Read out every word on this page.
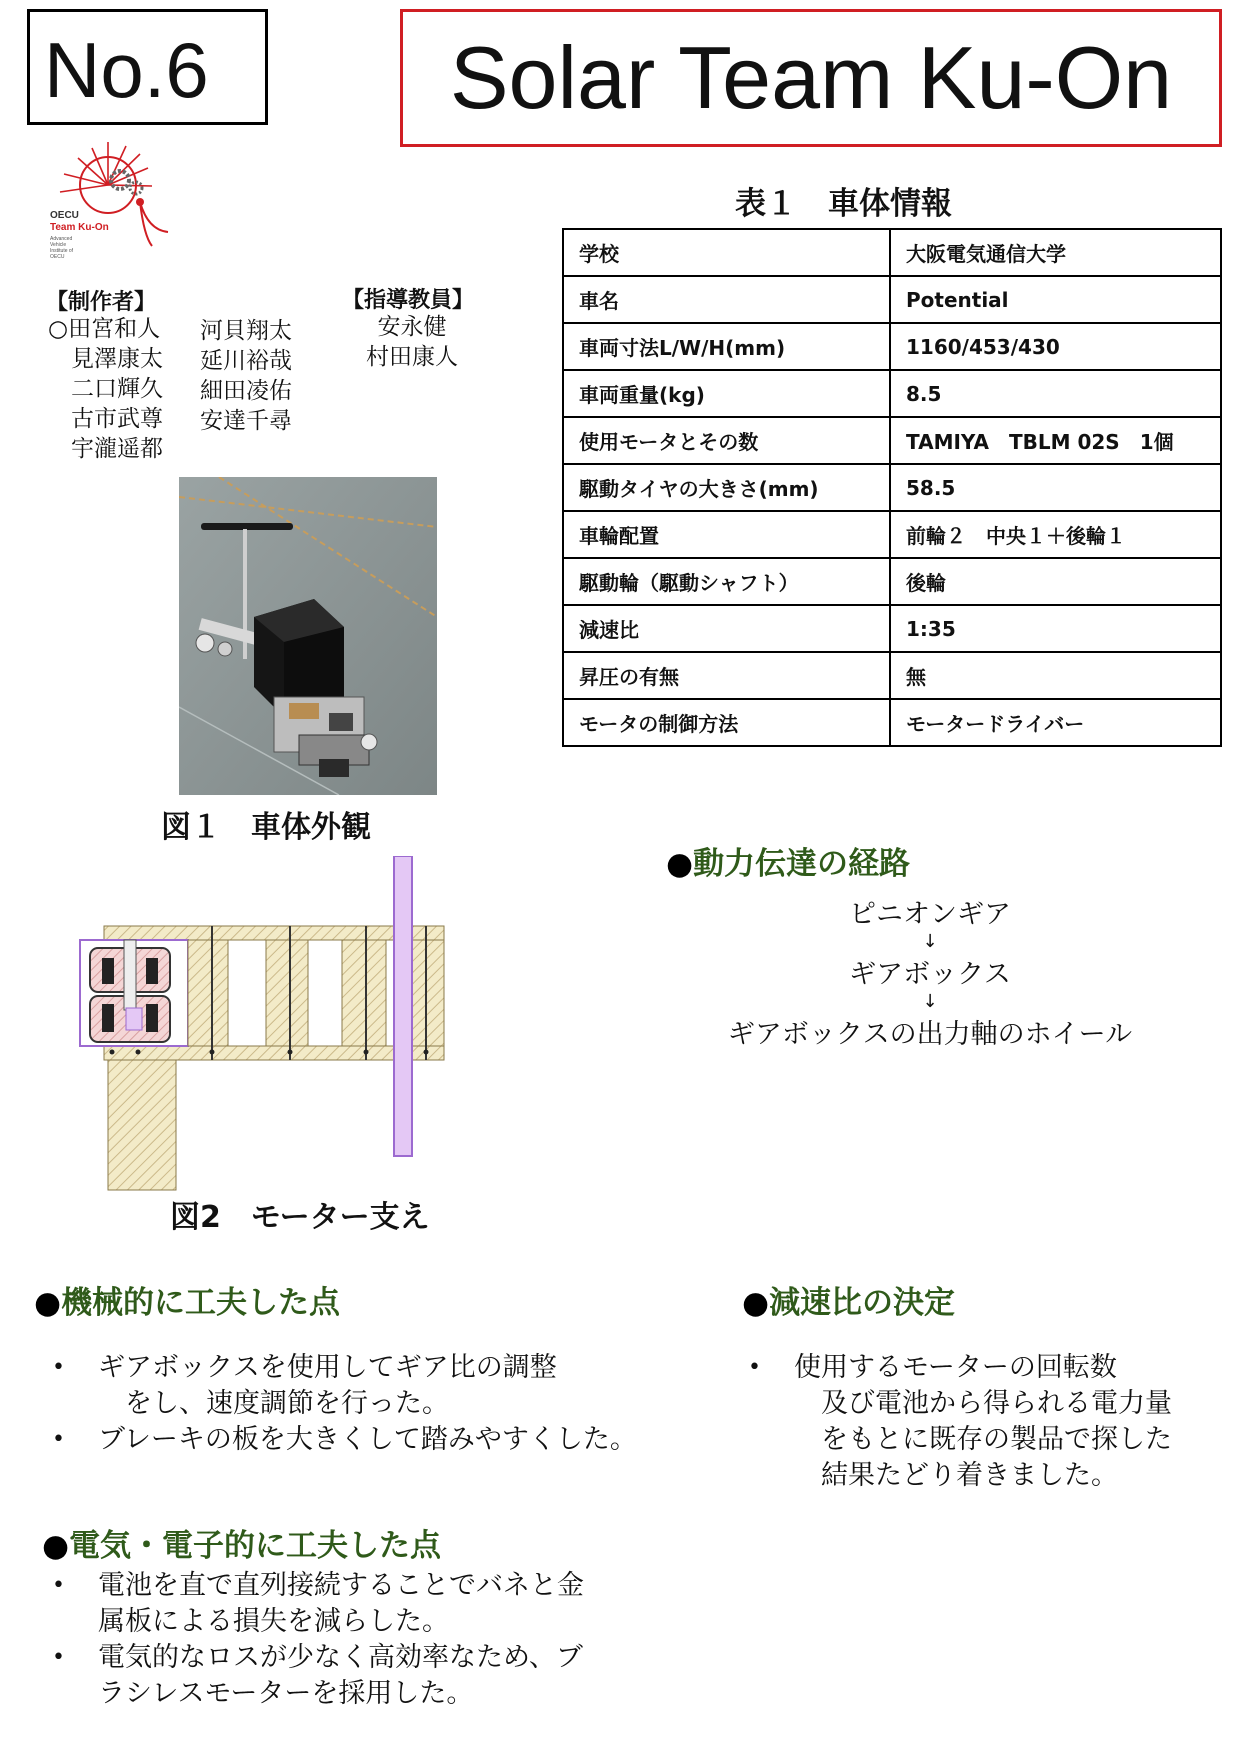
No.6	Solar Team Ku-On
OECU
Team Ku-On
Advanced
Vehicle
Institute of
OECU
【制作者】
○田宮和人
　見澤康太
　二口輝久
　古市武尊
　宇瀧遥都
河貝翔太
延川裕哉
細田凌佑
安達千尋
【指導教員】
安永健
村田康人
図１　車体外観
表１　車体情報
学校	大阪電気通信大学
車名	Potential
車両寸法L/W/H(mm)	1160/453/430
車両重量(kg)	8.5
使用モータとその数	TAMIYA　TBLM 02S　1個
駆動タイヤの大きさ(mm)	58.5
車輪配置	前輪２　中央１＋後輪１
駆動輪（駆動シャフト）	後輪
減速比	1:35
昇圧の有無	無
モータの制御方法	モータードライバー
図2　モーター支え
●動力伝達の経路
ピニオンギア
↓
ギアボックス
↓
ギアボックスの出力軸のホイール
●機械的に工夫した点
• ギアボックスを使用してギア比の調整
　をし、速度調節を行った。
• ブレーキの板を大きくして踏みやすくした。
●減速比の決定
• 使用するモーターの回転数
　及び電池から得られる電力量
　をもとに既存の製品で探した
　結果たどり着きました。
●電気・電子的に工夫した点
• 電池を直で直列接続することでバネと金
属板による損失を減らした。
• 電気的なロスが少なく高効率なため、ブ
ラシレスモーターを採用した。
